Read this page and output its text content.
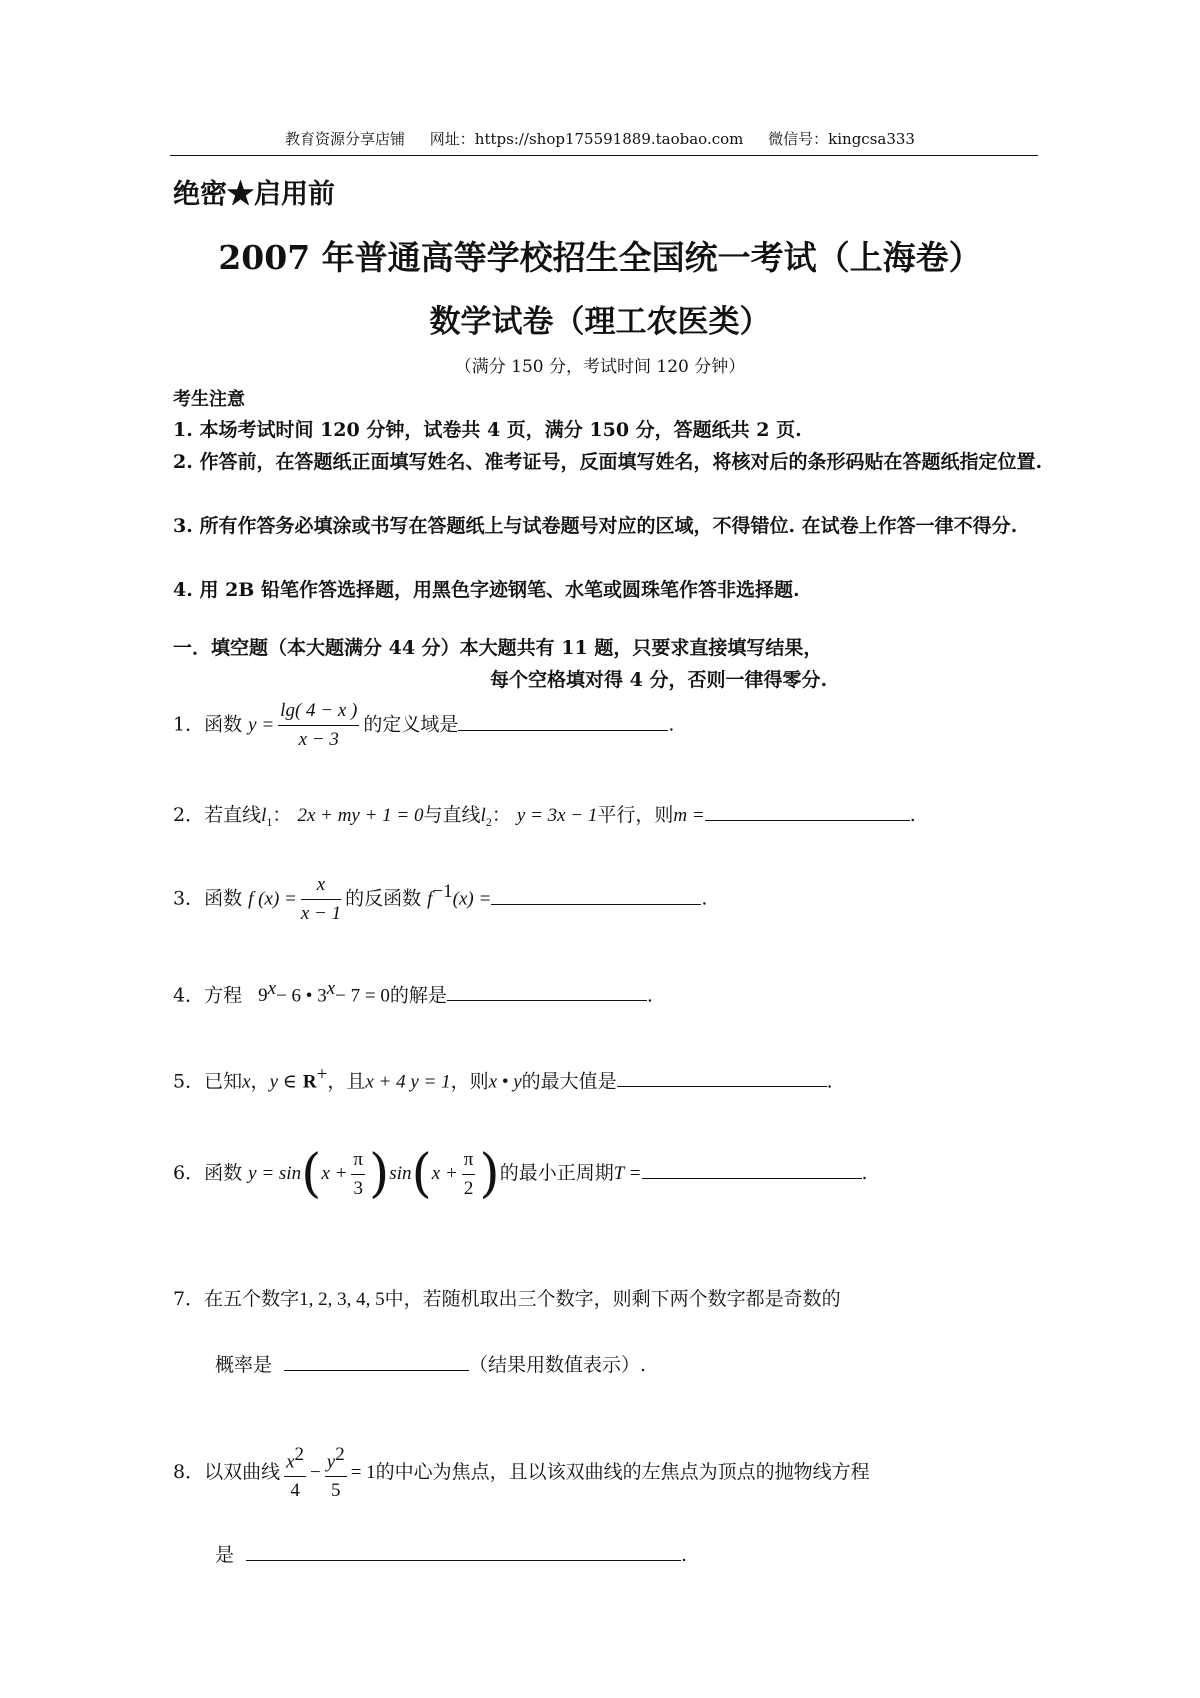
教育资源分享店铺 网址：https://shop175591889.taobao.com 微信号：kingcsa333
绝密★启用前
2007 年普通高等学校招生全国统一考试（上海卷）
数学试卷（理工农医类）
（满分 150 分，考试时间 120 分钟）
考生注意
1. 本场考试时间 120 分钟，试卷共 4 页，满分 150 分，答题纸共 2 页.
2. 作答前，在答题纸正面填写姓名、准考证号，反面填写姓名，将核对后的条形码贴在答题纸指定位置.
3. 所有作答务必填涂或书写在答题纸上与试卷题号对应的区域，不得错位. 在试卷上作答一律不得分.
4. 用 2B 铅笔作答选择题，用黑色字迹钢笔、水笔或圆珠笔作答非选择题.
一．填空题（本大题满分 44 分）本大题共有 11 题，只要求直接填写结果，
每个空格填对得 4 分，否则一律得零分.
1．函数 $y = \frac{\lg( 4 - x )}{x - 3}$ 的定义域是	.
2．若直线$l_1$： 2x + my + 1 = 0与直线$l_2$： y = 3x − 1平行，则m =	.
3．函数 f $(x) = \frac{x}{x - 1}$ 的反函数 $f^{-1}(x)$ =	.
4．方程 $9^x- 6$ • $3^x- 7 = 0$的解是	.
5．已知x，y ∈ R+，且x + 4 y = 1，则x • y的最大值是	.
6．函数 $y = \sin(x + \frac{\pi}{3} )\sin(x + \frac{\pi}{2}$ )的最小正周期T =	.
7．在五个数字1, 2, 3, 4, 5中，若随机取出三个数字，则剩下两个数字都是奇数的
概率是	（结果用数值表示）.
8．以双曲线 $\frac{x^2}{4} - \frac{y^2}{5} = 1$的中心为焦点，且以该双曲线的左焦点为顶点的抛物线方程
是	.
